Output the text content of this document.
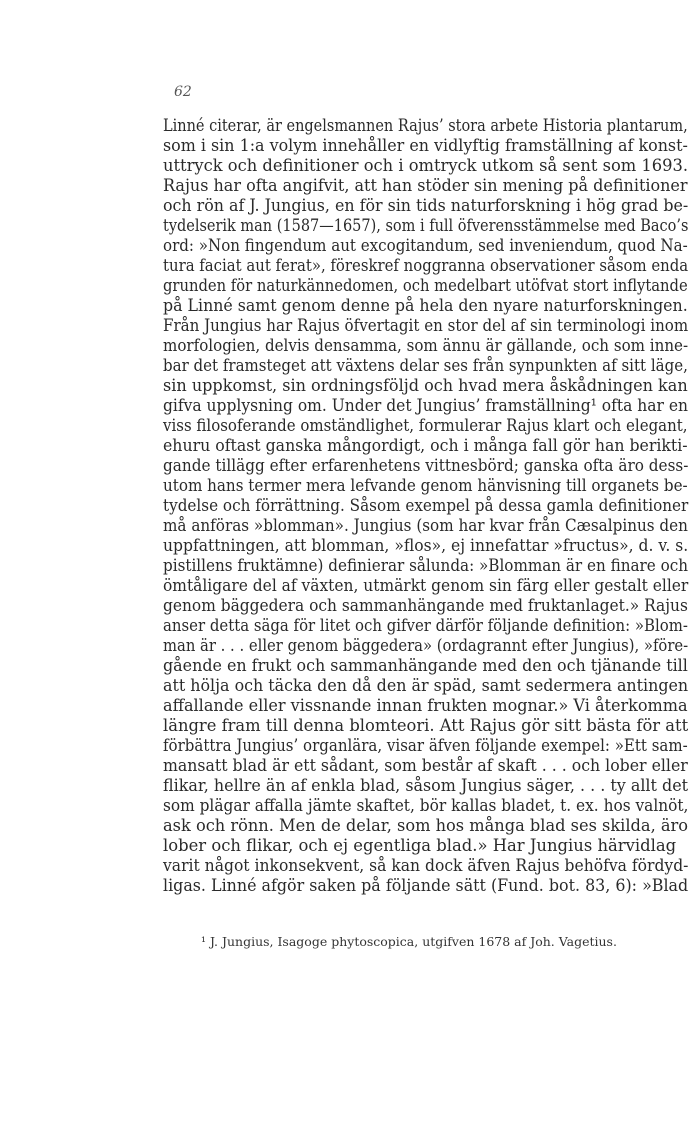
62
Linné citerar, är engelsmannen Rajus’ stora arbete Historia plantarum,
som i sin 1:a volym innehåller en vidlyftig framställning af konst-
uttryck och definitioner och i omtryck utkom så sent som 1693.
Rajus har ofta angifvit, att han stöder sin mening på definitioner
och rön af J. Jungius, en för sin tids naturforskning i hög grad be-
tydelserik man (1587—1657), som i full öfverensstämmelse med Baco’s
ord: »Non fingendum aut excogitandum, sed inveniendum, quod Na-
tura faciat aut ferat», föreskref noggranna observationer såsom enda
grunden för naturkännedomen, och medelbart utöfvat stort inflytande
på Linné samt genom denne på hela den nyare naturforskningen.
Från Jungius har Rajus öfvertagit en stor del af sin terminologi inom
morfologien, delvis densamma, som ännu är gällande, och som inne-
bar det framsteget att växtens delar ses från synpunkten af sitt läge,
sin uppkomst, sin ordningsföljd och hvad mera åskådningen kan
gifva upplysning om. Under det Jungius’ framställning¹ ofta har en
viss filosoferande omständlighet, formulerar Rajus klart och elegant,
ehuru oftast ganska mångordigt, och i många fall gör han berikti-
gande tillägg efter erfarenhetens vittnesbörd; ganska ofta äro dess-
utom hans termer mera lefvande genom hänvisning till organets be-
tydelse och förrättning. Såsom exempel på dessa gamla definitioner
må anföras »blomman». Jungius (som har kvar från Cæsalpinus den
uppfattningen, att blomman, »flos», ej innefattar »fructus», d. v. s.
pistillens fruktämne) definierar sålunda: »Blomman är en finare och
ömtåligare del af växten, utmärkt genom sin färg eller gestalt eller
genom bäggedera och sammanhängande med fruktanlaget.» Rajus
anser detta säga för litet och gifver därför följande definition: »Blom-
man är . . . eller genom bäggedera» (ordagrannt efter Jungius), »före-
gående en frukt och sammanhängande med den och tjänande till
att hölja och täcka den då den är späd, samt sedermera antingen
affallande eller vissnande innan frukten mognar.» Vi återkomma
längre fram till denna blomteori. Att Rajus gör sitt bästa för att
förbättra Jungius’ organlära, visar äfven följande exempel: »Ett sam-
mansatt blad är ett sådant, som består af skaft . . . och lober eller
flikar, hellre än af enkla blad, såsom Jungius säger, . . . ty allt det
som plägar affalla jämte skaftet, bör kallas bladet, t. ex. hos valnöt,
ask och rönn. Men de delar, som hos många blad ses skilda, äro
lober och flikar, och ej egentliga blad.» Har Jungius härvidlag
varit något inkonsekvent, så kan dock äfven Rajus behöfva fördyd-
ligas. Linné afgör saken på följande sätt (Fund. bot. 83, 6): »Blad
¹ J. Jungius, Isagoge phytoscopica, utgifven 1678 af Joh. Vagetius.
